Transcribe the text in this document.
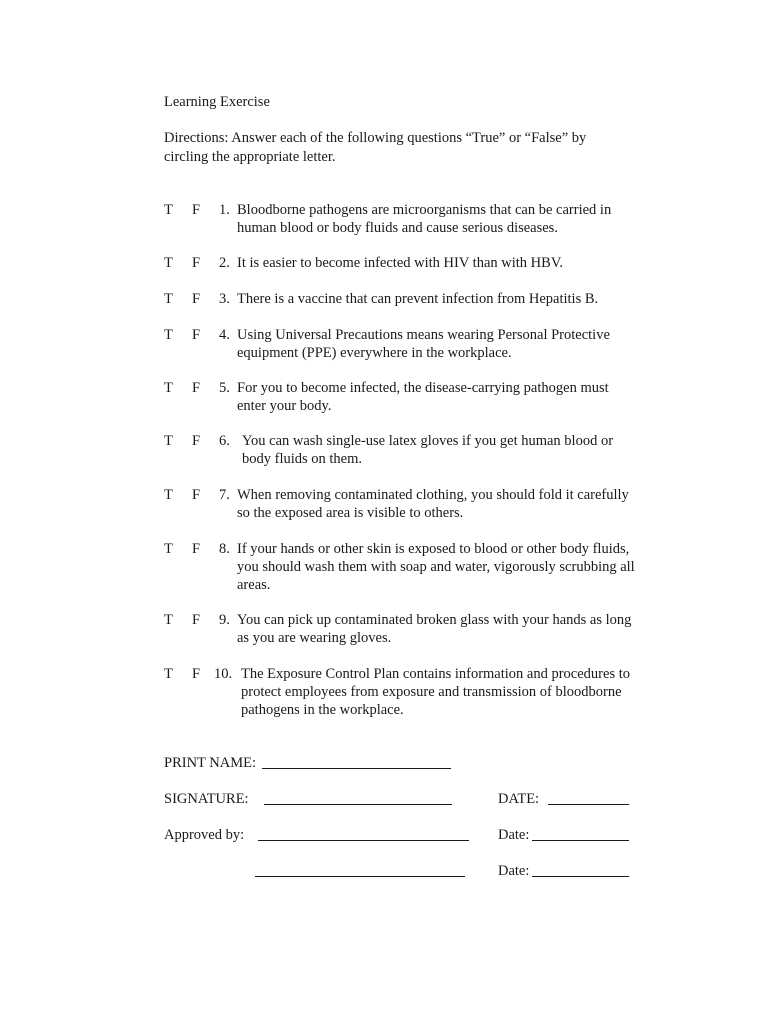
Learning Exercise
Directions: Answer each of the following questions “True” or “False” by
circling the appropriate letter.
T F 1. Bloodborne pathogens are microorganisms that can be carried in
human blood or body fluids and cause serious diseases.
T F 2. It is easier to become infected with HIV than with HBV.
T F 3. There is a vaccine that can prevent infection from Hepatitis B.
T F 4. Using Universal Precautions means wearing Personal Protective
equipment (PPE) everywhere in the workplace.
T F 5. For you to become infected, the disease-carrying pathogen must
enter your body.
T F 6. You can wash single-use latex gloves if you get human blood or
body fluids on them.
T F 7. When removing contaminated clothing, you should fold it carefully
so the exposed area is visible to others.
T F 8. If your hands or other skin is exposed to blood or other body fluids,
you should wash them with soap and water, vigorously scrubbing all
areas.
T F 9. You can pick up contaminated broken glass with your hands as long
as you are wearing gloves.
T F 10. The Exposure Control Plan contains information and procedures to
protect employees from exposure and transmission of bloodborne
pathogens in the workplace.
PRINT NAME:
SIGNATURE:	DATE:
Approved by:	Date:
Date:
